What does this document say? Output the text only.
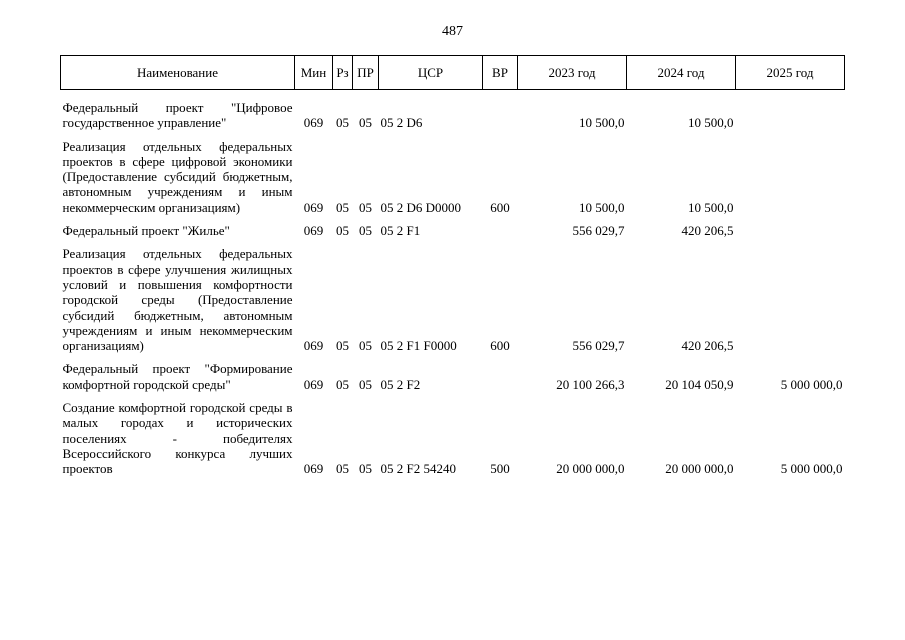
487
Наименование	Мин	Рз	ПР	ЦСР	ВР	2023 год	2024 год	2025 год

Федеральный проект "Цифровое государственное управление"	069	05	05	05 2 D6		10 500,0	10 500,0	

Реализация отдельных федеральных проектов в сфере цифровой экономики (Предоставление субсидий бюджетным, автономным учреждениям и иным некоммерческим организациям)	069	05	05	05 2 D6 D0000	600	10 500,0	10 500,0	

Федеральный проект "Жилье"	069	05	05	05 2 F1		556 029,7	420 206,5	

Реализация отдельных федеральных проектов в сфере улучшения жилищных условий и повышения комфортности городской среды (Предоставление субсидий бюджетным, автономным учреждениям и иным некоммерческим организациям)	069	05	05	05 2 F1 F0000	600	556 029,7	420 206,5	

Федеральный проект "Формирование комфортной городской среды"	069	05	05	05 2 F2		20 100 266,3	20 104 050,9	5 000 000,0

Создание комфортной городской среды в малых городах и исторических поселениях - победителях Всероссийского конкурса лучших проектов	069	05	05	05 2 F2 54240	500	20 000 000,0	20 000 000,0	5 000 000,0
